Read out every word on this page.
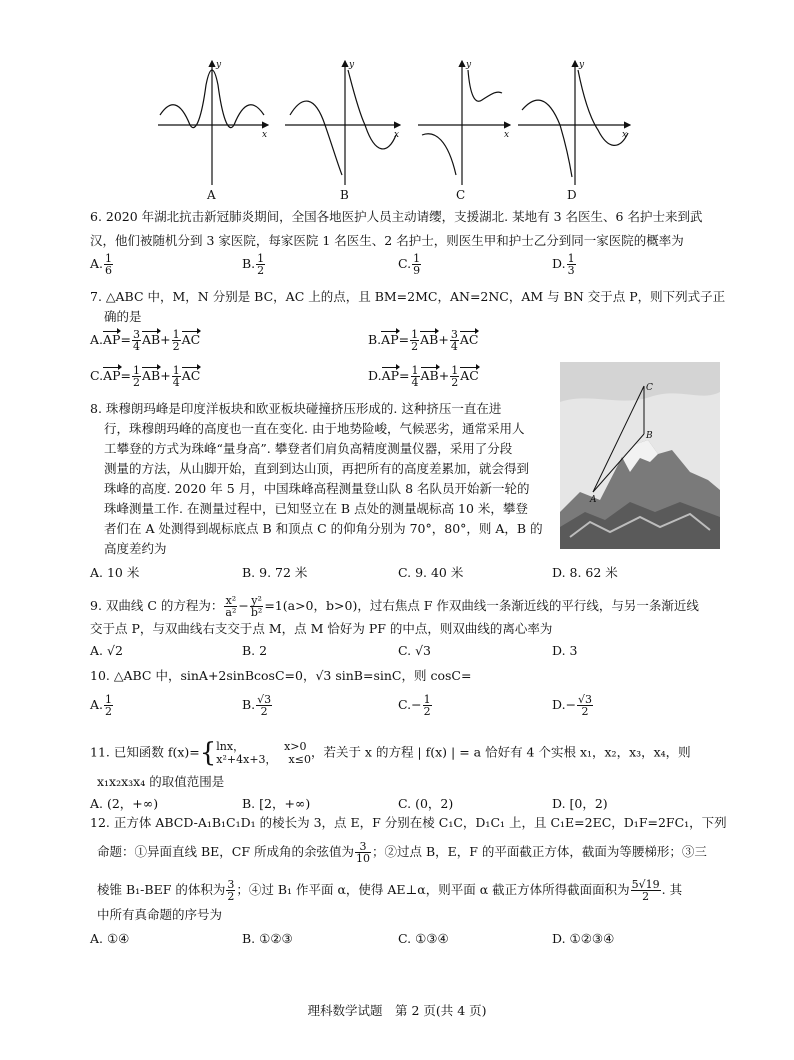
y
x
y
x
y
x
y
x
A	B	C	D
6. 2020 年湖北抗击新冠肺炎期间，全国各地医护人员主动请缨，支援湖北. 某地有 3 名医生、6 名护士来到武
汉，他们被随机分到 3 家医院，每家医院 1 名医生、2 名护士，则医生甲和护士乙分到同一家医院的概率为
A. $\frac{1}{6}$	B. $\frac{1}{2}$	C. $\frac{1}{9}$	D. $\frac{1}{3}$
7. △ABC 中，M，N 分别是 BC，AC 上的点，且 BM=2MC，AN=2NC，AM 与 BN 交于点 P，则下列式子正
确的是
$A.AP= \frac{3}{4} AB+ \frac{1}{2}$ AC	$B.AP= \frac{1}{2} AB+ \frac{3}{4}$ AC
$C.AP= \frac{1}{2} AB+ \frac{1}{4}$ AC	$D.AP= \frac{1}{4} AB+ \frac{1}{2}$ AC
8. 珠穆朗玛峰是印度洋板块和欧亚板块碰撞挤压形成的. 这种挤压一直在进
行，珠穆朗玛峰的高度也一直在变化. 由于地势险峻，气候恶劣，通常采用人
工攀登的方式为珠峰“量身高”. 攀登者们肩负高精度测量仪器，采用了分段
测量的方法，从山脚开始，直到到达山顶，再把所有的高度差累加，就会得到
珠峰的高度. 2020 年 5 月，中国珠峰高程测量登山队 8 名队员开始新一轮的
珠峰测量工作. 在测量过程中，已知竖立在 B 点处的测量觇标高 10 米，攀登
者们在 A 处测得到觇标底点 B 和顶点 C 的仰角分别为 70°，80°，则 A，B 的
高度差约为
C
B
A
A. 10 米	B. 9. 72 米	C. 9. 40 米	D. 8. 62 米
9. 双曲线 C 的方程为： $\frac{\text{x²}}{\text{a²}} - \frac{\text{y²}}{\text{b²}} =1(a>0$，b>0)，过右焦点 F 作双曲线一条渐近线的平行线，与另一条渐近线
交于点 P，与双曲线右支交于点 M，点 M 恰好为 PF 的中点，则双曲线的离心率为
A. √2	B. 2	C. √3	D. 3
10. △ABC 中，sinA+2sinBcosC=0，√3 sinB=sinC，则 cosC=
A. $\frac{1}{2}$	B. $\frac{√3}{2}$	$C.- \frac{1}{2}$	$D.- \frac{√3}{2}$
11. 已知函数 f(x)={ lnx，	x>0
x²+4x+3， x≤0 ，若关于 x 的方程 | f(x) | = a 恰好有 4 个实根 x₁，x₂，x₃，x₄，则
x₁x₂x₃x₄ 的取值范围是
A. (2，+∞)	B. [2，+∞)	C. (0，2)	D. [0，2)
12. 正方体 ABCD-A₁B₁C₁D₁ 的棱长为 3，点 E，F 分别在棱 C₁C，D₁C₁ 上，且 C₁E=2EC，D₁F=2FC₁，下列
命题：①异面直线 BE，CF 所成角的余弦值为 $\frac{3}{10}$ ；②过点 B，E，F 的平面截正方体，截面为等腰梯形；③三
棱锥 B₁-BEF 的体积为 $\frac{3}{2}$ ；④过 B₁ 作平面 α，使得 AE⊥α，则平面 α 截正方体所得截面面积为 $\frac{5√19}{2}$ . 其
中所有真命题的序号为
A. ①④	B. ①②③	C. ①③④	D. ①②③④
理科数学试题　第 2 页(共 4 页)
